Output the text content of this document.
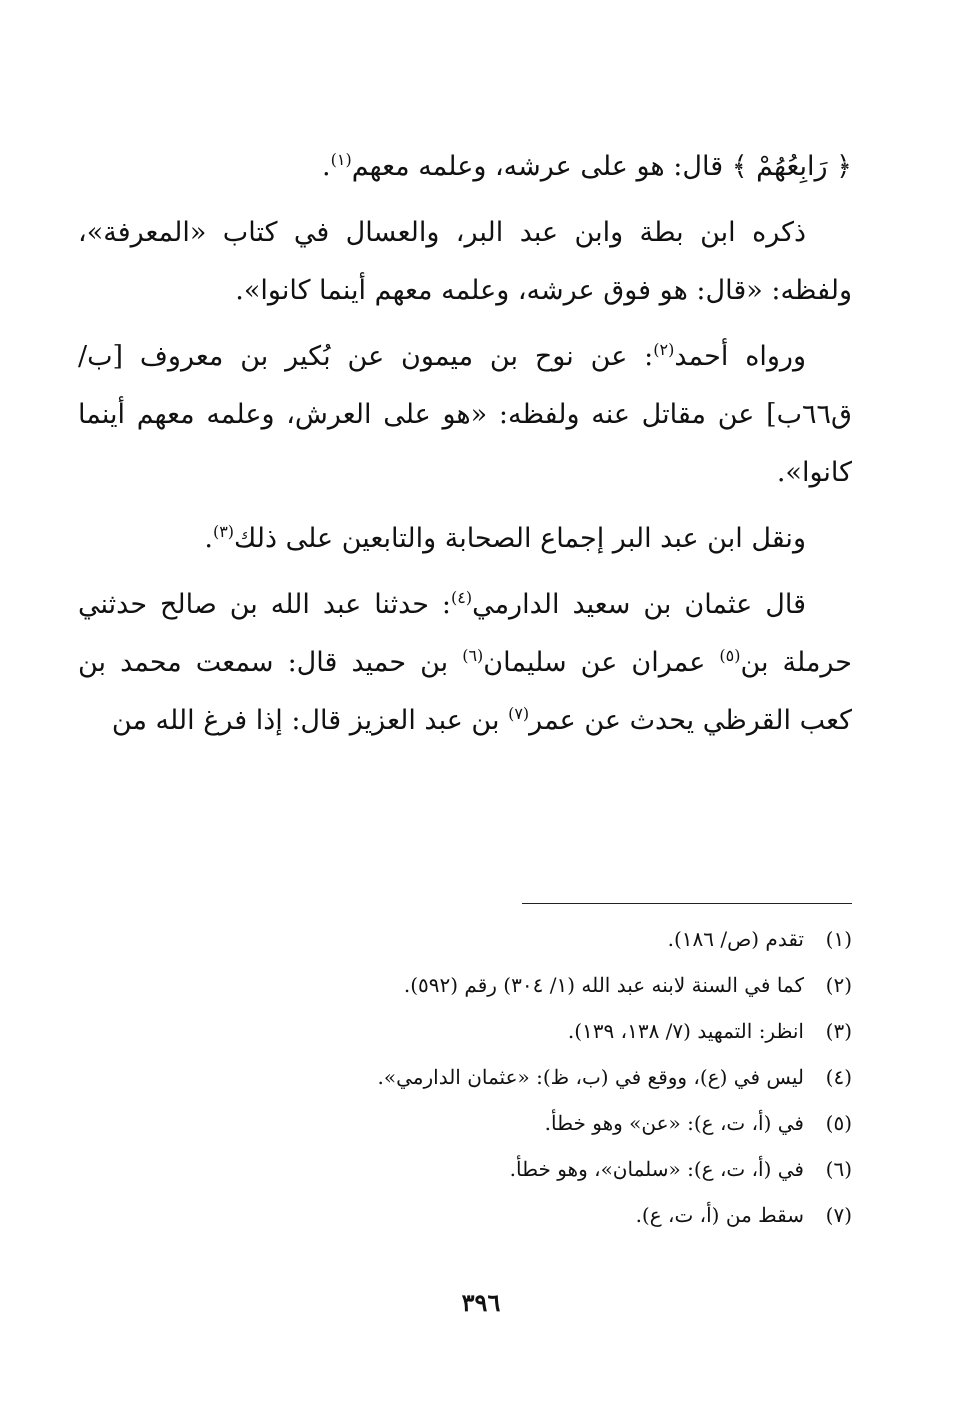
﴿ رَابِعُهُمْ ﴾ قال: هو على عرشه، وعلمه معهم$^{(١)}$.

ذكره ابن بطة وابن عبد البر، والعسال في كتاب «المعرفة»، ولفظه: «قال: هو فوق عرشه، وعلمه معهم أينما كانوا».

ورواه أحمد$^{(٢)}$: عن نوح بن ميمون عن بُكير بن معروف [ب/ ق٦٦ب] عن مقاتل عنه ولفظه: «هو على العرش، وعلمه معهم أينما كانوا».

ونقل ابن عبد البر إجماع الصحابة والتابعين على ذلك$^{(٣)}$.

قال عثمان بن سعيد الدارمي$^{(٤)}$: حدثنا عبد الله بن صالح حدثني حرملة بن$^{(٥)}$ عمران عن سليمان$^{(٦)}$ بن حميد قال: سمعت محمد بن كعب القرظي يحدث عن عمر$^{(٧)}$ بن عبد العزيز قال: إذا فرغ الله من

(١)
تقدم (ص/ ١٨٦).
(٢)
كما في السنة لابنه عبد الله (١/ ٣٠٤) رقم (٥٩٢).
(٣)
انظر: التمهيد (٧/ ١٣٨، ١٣٩).
(٤)
ليس في (ع)، ووقع في (ب، ظ): «عثمان الدارمي».
(٥)
في (أ، ت، ع): «عن» وهو خطأ.
(٦)
في (أ، ت، ع): «سلمان»، وهو خطأ.
(٧)
سقط من (أ، ت، ع).
٣٩٦
